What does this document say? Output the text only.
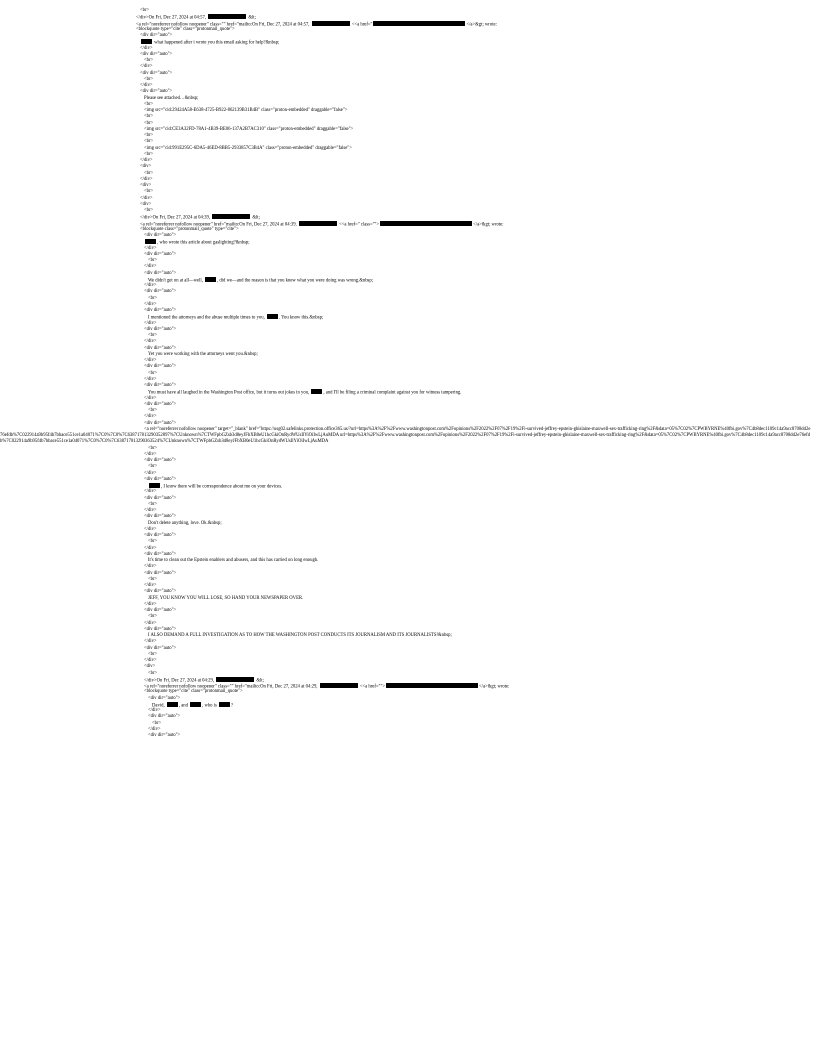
<br>
</div>On Fri, Dec 27, 2024 at 04:57,	&lt;
<a rel="noreferrer nofollow noopener" class="" href="mailto:On Fri, Dec 27, 2024 at 04:57,	<<a href="	</a>&gt; wrote:
<blockquote type="cite" class="protonmail_quote">
<div dir="auto">
what happened after i wrote you this email asking for help?&nbsp;
</div>
<div dir="auto">
<br>
</div>
<div dir="auto">
<br>
</div>
<div dir="auto">
Please see attached…&nbsp;
<br>
<img src="cid:29424A58-E638-4725-B922-862139B31B4B" class="proton-embedded" draggable="false">
<br>
<br>
<img src="cid:CE3A32FD-78A1-4B39-BE06-137A2B7AC310" class="proton-embedded" draggable="false">
<br>
<br>
<img src="cid:991E295C-6DA5-46ED-8BB5-2933857C3B4A" class="proton-embedded" draggable="false">
<br>
</div>
<div>
<br>
</div>
<div>
<br>
</div>
<div>
<br>
</div>On Fri, Dec 27, 2024 at 04:39,	&lt;
<a rel="noreferrer nofollow noopener" href="mailto:On Fri, Dec 27, 2024 at 04:39,	<<a href=" class="">	</a>&gt; wrote:
<blockquote class="protonmail_quote" type="cite">
<div dir="auto">
, who wrote this article about gaslighting?&nbsp;
</div>
<div dir="auto">
<br>
</div>
<div dir="auto">
We didn't get on at all—well,	, did we—and the reason is that you knew what you were doing was wrong.&nbsp;
</div>
<div dir="auto">
<br>
</div>
<div dir="auto">
I mentioned the attorneys and the abuse multiple times to you,	. You know this.&nbsp;
</div>
<div dir="auto">
<br>
</div>
<div dir="auto">
Yet you were working with the attorneys went you.&nbsp;
</div>
<div dir="auto">
<br>
</div>
<div dir="auto">
You must have all laughed in the Washington Post office, but it turns out jokes in you,	, and I'll be filing a criminal complaint against you for witness tampering.
</div>
<div dir="auto">
<br>
</div>
<div dir="auto">
<a rel="noreferrer nofollow noopener" target="_blank" href="https://usg02.safelinks.protection.office365.us/?url=https%3A%2F%2Fwww.washingtonpost.com%2Fopinions%2F2022%2F07%2F19%2Fi-survived-jeffrey-epstein-ghislaine-maxwell-sex-trafficking-ring%2F&data=05%7C02%7CPWBYRNE%40fbi.gov%7C4b8dec1109c14a9acc8708dd2e76efdb%7C022914a9b95f4b7bbace551ce1a04071%7C0%7C0%7C638717813290352897%7CUnknown%7CTWFpbGZsb3d8eyJFbXB0eU1hcGkiOnRydWUsIlYiOiIwLjAuMDA url=https%3A%2F%2Fwww.washingtonpost.com%2Fopinions%2F2022%2F07%2F19%2Fi-survived-jeffrey-epstein-ghislaine-maxwell-sex-trafficking-ring%2F&data=05%7C02%7CPWBYRNE%40fbi.gov%7C4b8dec1109c14a9acc8708dd2e76efdb%7C022914a9b95f4b7bbace551ce1a04071%7C0%7C0%7C638717813290363524%7CUnknown%7CTWFpbGZsb3d8eyJFbXB0eU1hcGkiOnRydWUsIlYiOiIwLjAuMDA
<br>
</div>
<div dir="auto">
<br>
</div>
<div dir="auto">
, I know there will be correspondence about me on your devices.
</div>
<div dir="auto">
<br>
</div>
<div dir="auto">
Don't delete anything, love. Ok.&nbsp;
</div>
<div dir="auto">
<br>
</div>
<div dir="auto">
It's time to clean out the Epstein enablers and abusers, and this has carried on long enough.
</div>
<div dir="auto">
<br>
</div>
<div dir="auto">
JEFF, YOU KNOW YOU WILL LOSE, SO HAND YOUR NEWSPAPER OVER.
</div>
<div dir="auto">
<br>
</div>
<div dir="auto">
I ALSO DEMAND A FULL INVESTIGATION AS TO HOW THE WASHINGTON POST CONDUCTS ITS JOURNALISM AND ITS JOURNALISTS!&nbsp;
</div>
<div dir="auto">
<br>
</div>
<div>
<br>
</div>On Fri, Dec 27, 2024 at 04:29,	&lt;
<a rel="noreferrer nofollow noopener" class="" href="mailto:On Fri, Dec 27, 2024 at 04:29,	<<a href="">	</a>&gt; wrote:
<blockquote type="cite" class="protonmail_quote">
<div dir="auto">
David,	, and	, who is	?
</div>
<div dir="auto">
<br>
</div>
<div dir="auto">
